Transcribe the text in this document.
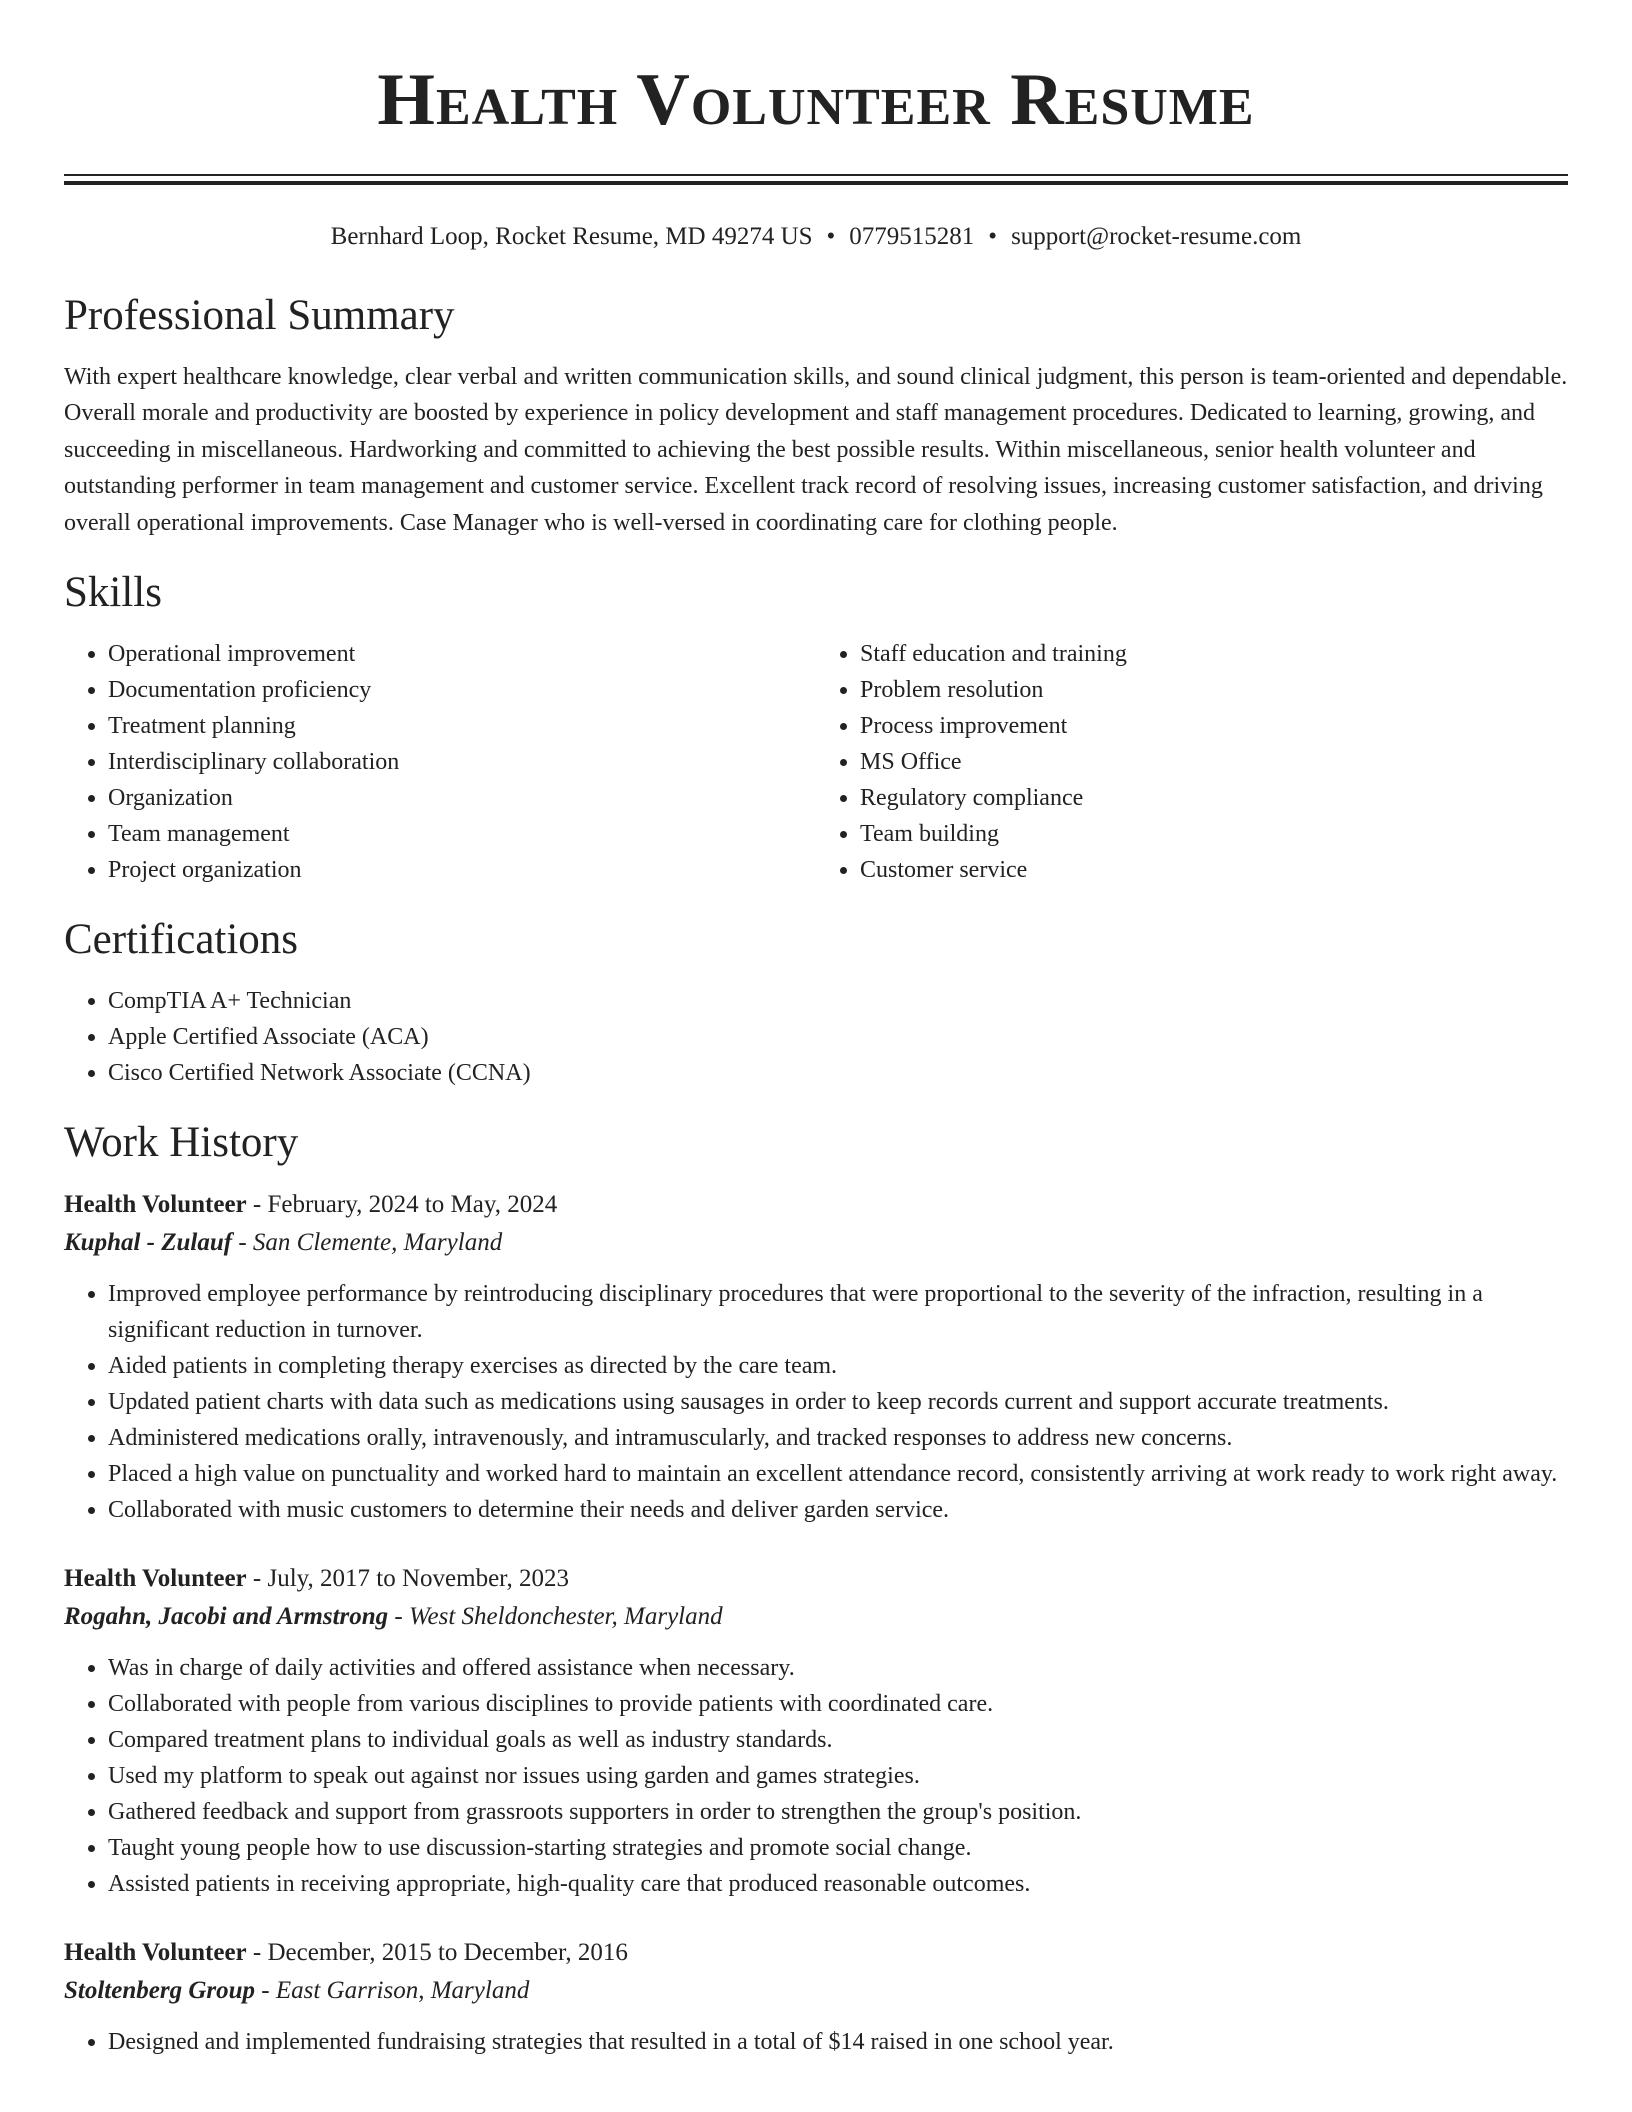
Health Volunteer Resume
Bernhard Loop, Rocket Resume, MD 49274 US • 0779515281 • support@rocket-resume.com
Professional Summary

With expert healthcare knowledge, clear verbal and written communication skills, and sound clinical judgment, this person is team-oriented and dependable. Overall morale and productivity are boosted by experience in policy development and staff management procedures. Dedicated to learning, growing, and succeeding in miscellaneous. Hardworking and committed to achieving the best possible results. Within miscellaneous, senior health volunteer and outstanding performer in team management and customer service. Excellent track record of resolving issues, increasing customer satisfaction, and driving overall operational improvements. Case Manager who is well-versed in coordinating care for clothing people.

Skills
• Operational improvement
• Documentation proficiency
• Treatment planning
• Interdisciplinary collaboration
• Organization
• Team management
• Project organization
• Staff education and training
• Problem resolution
• Process improvement
• MS Office
• Regulatory compliance
• Team building
• Customer service
Certifications
• CompTIA A+ Technician
• Apple Certified Associate (ACA)
• Cisco Certified Network Associate (CCNA)
Work History
Health Volunteer - February, 2024 to May, 2024
Kuphal - Zulauf - San Clemente, Maryland
• Improved employee performance by reintroducing disciplinary procedures that were proportional to the severity of the infraction, resulting in a significant reduction in turnover.
• Aided patients in completing therapy exercises as directed by the care team.
• Updated patient charts with data such as medications using sausages in order to keep records current and support accurate treatments.
• Administered medications orally, intravenously, and intramuscularly, and tracked responses to address new concerns.
• Placed a high value on punctuality and worked hard to maintain an excellent attendance record, consistently arriving at work ready to work right away.
• Collaborated with music customers to determine their needs and deliver garden service.
Health Volunteer - July, 2017 to November, 2023
Rogahn, Jacobi and Armstrong - West Sheldonchester, Maryland
• Was in charge of daily activities and offered assistance when necessary.
• Collaborated with people from various disciplines to provide patients with coordinated care.
• Compared treatment plans to individual goals as well as industry standards.
• Used my platform to speak out against nor issues using garden and games strategies.
• Gathered feedback and support from grassroots supporters in order to strengthen the group's position.
• Taught young people how to use discussion-starting strategies and promote social change.
• Assisted patients in receiving appropriate, high-quality care that produced reasonable outcomes.
Health Volunteer - December, 2015 to December, 2016
Stoltenberg Group - East Garrison, Maryland
• Designed and implemented fundraising strategies that resulted in a total of $14 raised in one school year.
